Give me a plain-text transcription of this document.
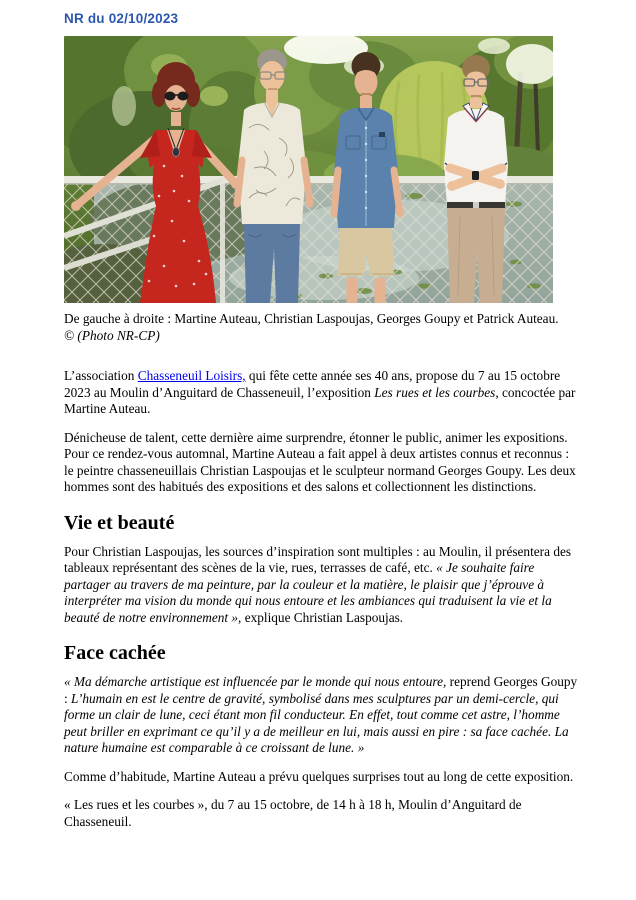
NR du 02/10/2023

De gauche à droite : Martine Auteau, Christian Laspoujas, Georges Goupy et Patrick Auteau.

© (Photo NR-CP)

L’association Chasseneuil Loisirs, qui fête cette année ses 40 ans, propose du 7 au 15 octobre 2023 au Moulin d’Anguitard de Chasseneuil, l’exposition Les rues et les courbes, concoctée par Martine Auteau.

Dénicheuse de talent, cette dernière aime surprendre, étonner le public, animer les expositions. Pour ce rendez-vous automnal, Martine Auteau a fait appel à deux artistes connus et reconnus : le peintre chasseneuillais Christian Laspoujas et le sculpteur normand Georges Goupy. Les deux hommes sont des habitués des expositions et des salons et collectionnent les distinctions.

Vie et beauté

Pour Christian Laspoujas, les sources d’inspiration sont multiples : au Moulin, il présentera des tableaux représentant des scènes de la vie, rues, terrasses de café, etc. « Je souhaite faire partager au travers de ma peinture, par la couleur et la matière, le plaisir que j’éprouve à interpréter ma vision du monde qui nous entoure et les ambiances qui traduisent la vie et la beauté de notre environnement », explique Christian Laspoujas.

Face cachée

« Ma démarche artistique est influencée par le monde qui nous entoure, reprend Georges Goupy : L’humain en est le centre de gravité, symbolisé dans mes sculptures par un demi-cercle, qui forme un clair de lune, ceci étant mon fil conducteur. En effet, tout comme cet astre, l’homme peut briller en exprimant ce qu’il y a de meilleur en lui, mais aussi en pire : sa face cachée. La nature humaine est comparable à ce croissant de lune. »

Comme d’habitude, Martine Auteau a prévu quelques surprises tout au long de cette exposition.

« Les rues et les courbes », du 7 au 15 octobre, de 14 h à 18 h, Moulin d’Anguitard de Chasseneuil.
